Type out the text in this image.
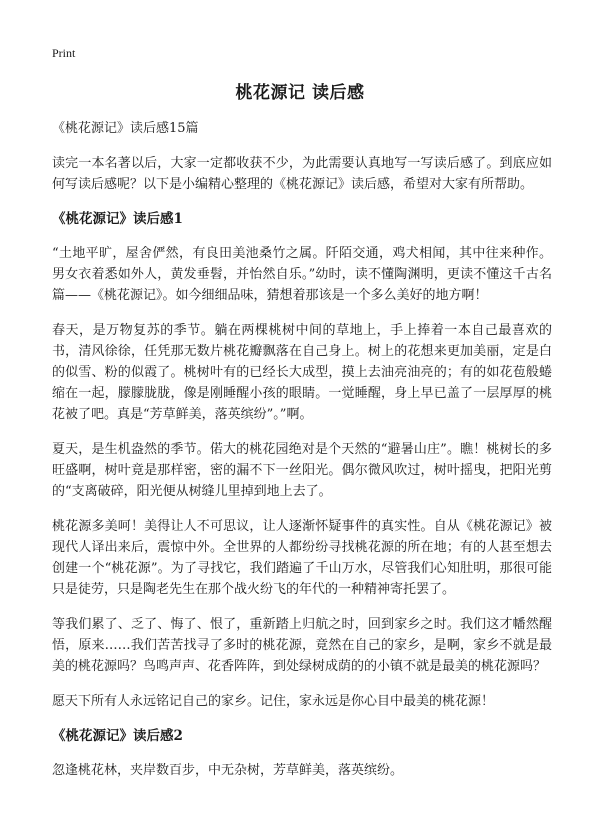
Print
桃花源记 读后感

《桃花源记》读后感15篇

读完一本名著以后，大家一定都收获不少，为此需要认真地写一写读后感了。到底应如何写读后感呢？以下是小编精心整理的《桃花源记》读后感，希望对大家有所帮助。

《桃花源记》读后感1

“土地平旷，屋舍俨然，有良田美池桑竹之属。阡陌交通，鸡犬相闻，其中往来种作。男女衣着悉如外人，黄发垂髫，并怡然自乐。”幼时，读不懂陶渊明，更读不懂这千古名篇——《桃花源记》。如今细细品味，猜想着那该是一个多么美好的地方啊！

春天，是万物复苏的季节。躺在两棵桃树中间的草地上，手上捧着一本自己最喜欢的书，清风徐徐，任凭那无数片桃花瓣飘落在自己身上。树上的花想来更加美丽，定是白的似雪、粉的似霞了。桃树叶有的已经长大成型，摸上去油亮油亮的；有的如花苞般蜷缩在一起，朦朦胧胧，像是刚睡醒小孩的眼睛。一觉睡醒，身上早已盖了一层厚厚的桃花被了吧。真是“芳草鲜美，落英缤纷”。”啊。

夏天，是生机盎然的季节。偌大的桃花园绝对是个天然的“避暑山庄”。瞧！桃树长的多旺盛啊，树叶竟是那样密，密的漏不下一丝阳光。偶尔微风吹过，树叶摇曳，把阳光剪的“支离破碎，阳光便从树缝儿里掉到地上去了。

桃花源多美呵！美得让人不可思议，让人逐渐怀疑事件的真实性。自从《桃花源记》被现代人译出来后，震惊中外。全世界的人都纷纷寻找桃花源的所在地；有的人甚至想去创建一个“桃花源”。为了寻找它，我们踏遍了千山万水，尽管我们心知肚明，那很可能只是徒劳，只是陶老先生在那个战火纷飞的年代的一种精神寄托罢了。

等我们累了、乏了、悔了、恨了，重新踏上归航之时，回到家乡之时。我们这才幡然醒悟，原来……我们苦苦找寻了多时的桃花源，竟然在自己的家乡，是啊，家乡不就是最美的桃花源吗？鸟鸣声声、花香阵阵，到处绿树成荫的的小镇不就是最美的桃花源吗？

愿天下所有人永远铭记自己的家乡。记住，家永远是你心目中最美的桃花源！

《桃花源记》读后感2

忽逢桃花林，夹岸数百步，中无杂树，芳草鲜美，落英缤纷。
